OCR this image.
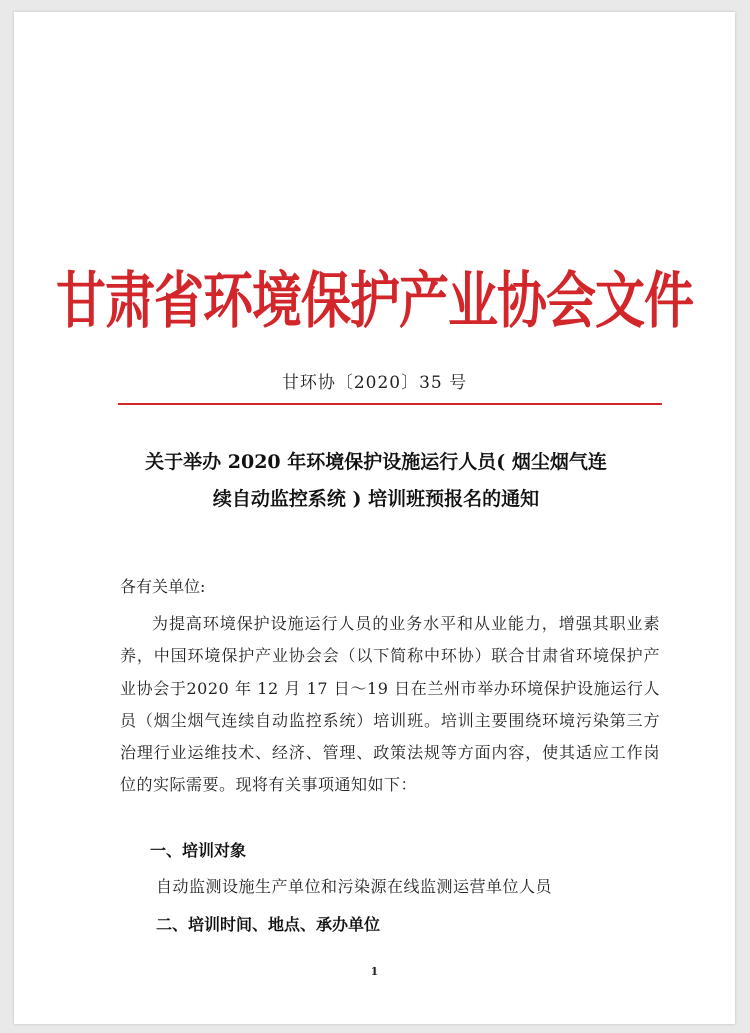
甘肃省环境保护产业协会文件
甘环协〔2020〕35 号
关于举办 2020 年环境保护设施运行人员( 烟尘烟气连
续自动监控系统 ) 培训班预报名的通知
各有关单位:
为提高环境保护设施运行人员的业务水平和从业能力，增强其职业素养，中国环境保护产业协会会（以下简称中环协）联合甘肃省环境保护产业协会于2020 年 12 月 17 日～19 日在兰州市举办环境保护设施运行人员（烟尘烟气连续自动监控系统）培训班。培训主要围绕环境污染第三方治理行业运维技术、经济、管理、政策法规等方面内容，使其适应工作岗位的实际需要。现将有关事项通知如下：
一、培训对象
自动监测设施生产单位和污染源在线监测运营单位人员
二、培训时间、地点、承办单位
1
